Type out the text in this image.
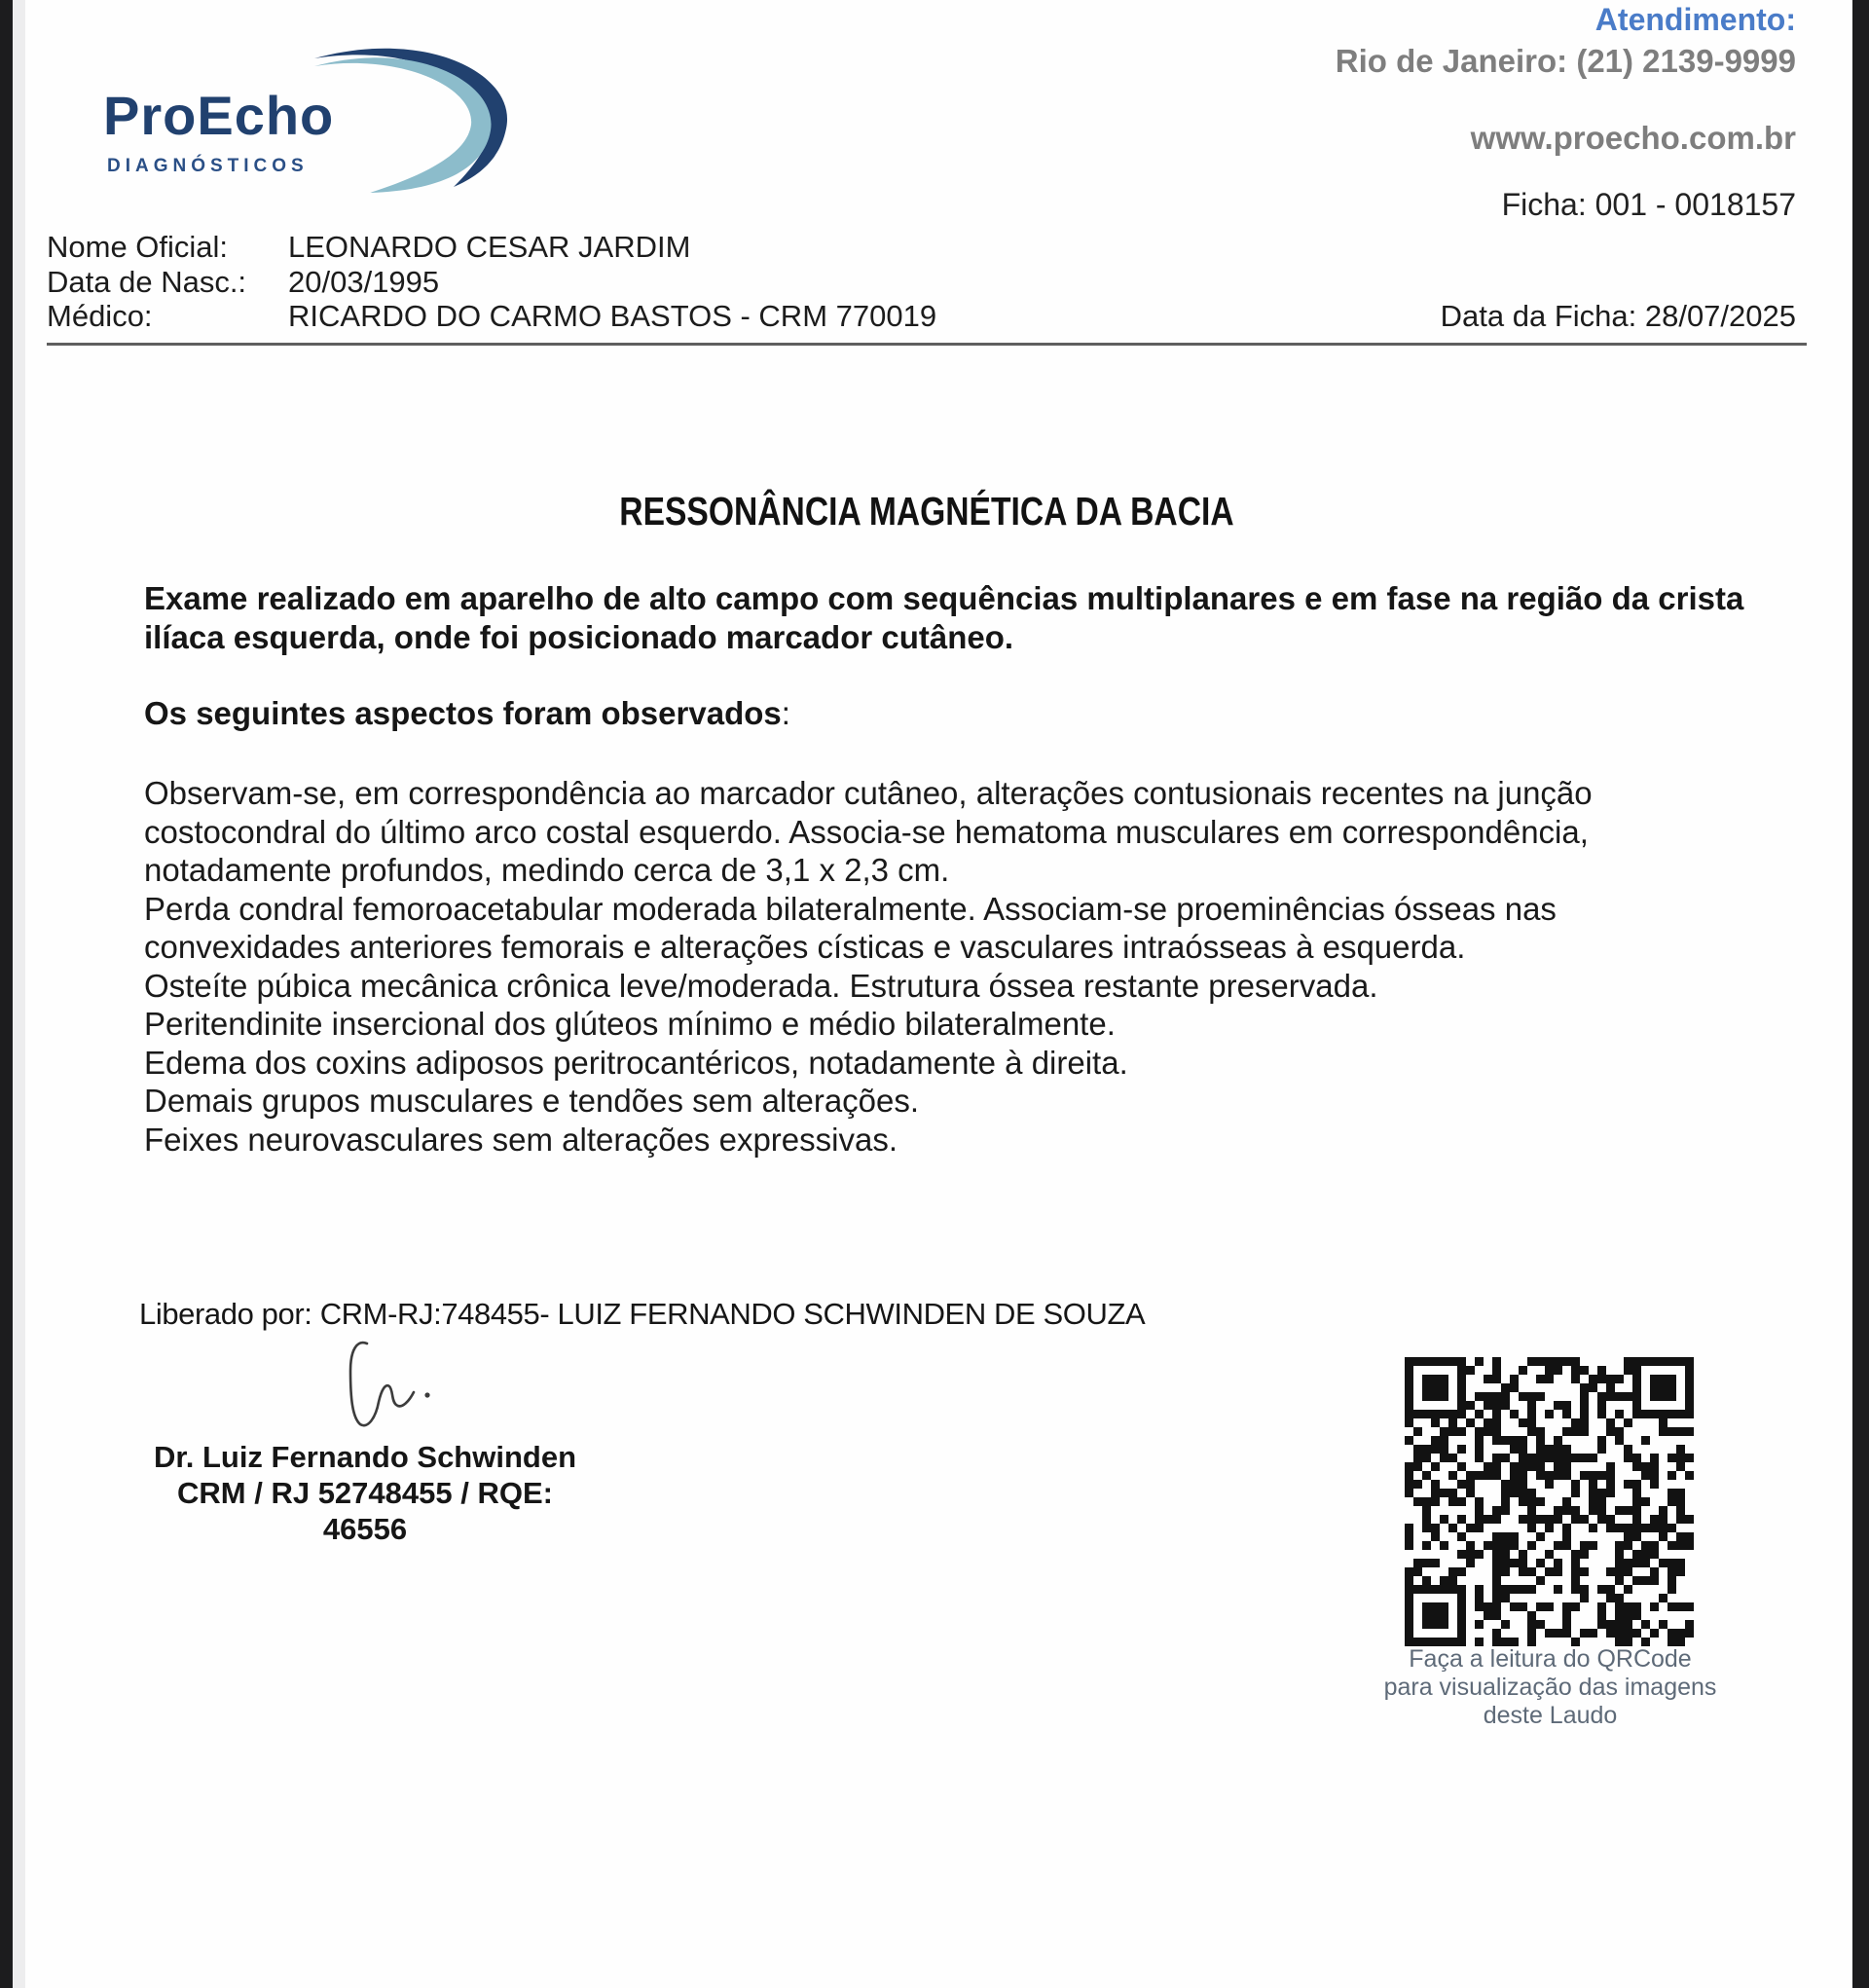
ProEcho
DIAGNÓSTICOS
Atendimento:
Rio de Janeiro: (21) 2139-9999
www.proecho.com.br
Ficha: 001 - 0018157
Nome Oficial:	LEONARDO CESAR JARDIM
Data de Nasc.:	20/03/1995
Médico:	RICARDO DO CARMO BASTOS - CRM 770019	Data da Ficha: 28/07/2025
RESSONÂNCIA MAGNÉTICA DA BACIA
Exame realizado em aparelho de alto campo com sequências multiplanares e em fase na região da crista ilíaca esquerda, onde foi posicionado marcador cutâneo.
Os seguintes aspectos foram observados:

Observam-se, em correspondência ao marcador cutâneo, alterações contusionais recentes na junção costocondral do último arco costal esquerdo. Associa-se hematoma musculares em correspondência, notadamente profundos, medindo cerca de 3,1 x 2,3 cm.

Perda condral femoroacetabular moderada bilateralmente. Associam-se proeminências ósseas nas convexidades anteriores femorais e alterações císticas e vasculares intraósseas à esquerda.

Osteíte púbica mecânica crônica leve/moderada. Estrutura óssea restante preservada.

Peritendinite insercional dos glúteos mínimo e médio bilateralmente.

Edema dos coxins adiposos peritrocantéricos, notadamente à direita.

Demais grupos musculares e tendões sem alterações.

Feixes neurovasculares sem alterações expressivas.

Liberado por: CRM-RJ:748455- LUIZ FERNANDO SCHWINDEN DE SOUZA
Dr. Luiz Fernando Schwinden
CRM / RJ 52748455 / RQE: 46556
Faça a leitura do QRCode
para visualização das imagens
deste Laudo
